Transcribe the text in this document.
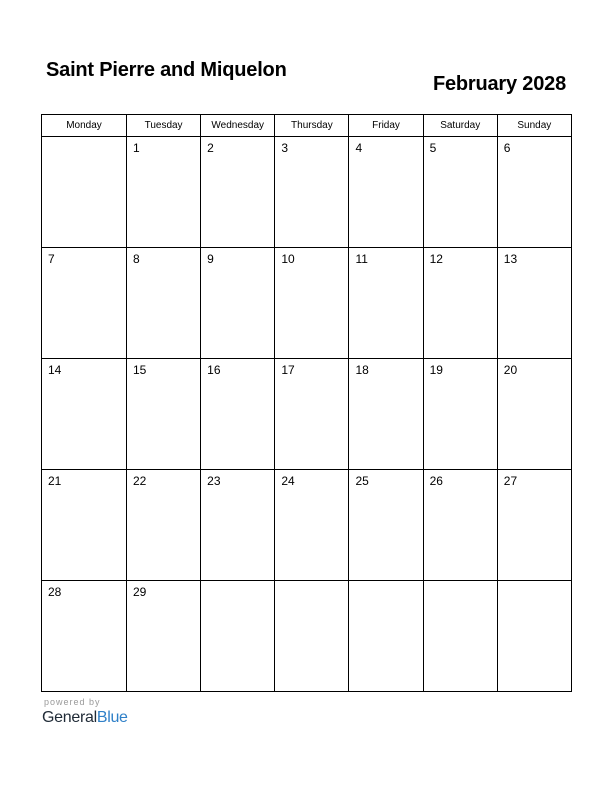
Saint Pierre and Miquelon
February 2028
Monday	Tuesday	Wednesday	Thursday	Friday	Saturday	Sunday

	1	2	3	4	5	6

7	8	9	10	11	12	13

14	15	16	17	18	19	20

21	22	23	24	25	26	27

28	29					

powered by
GeneralBlue
